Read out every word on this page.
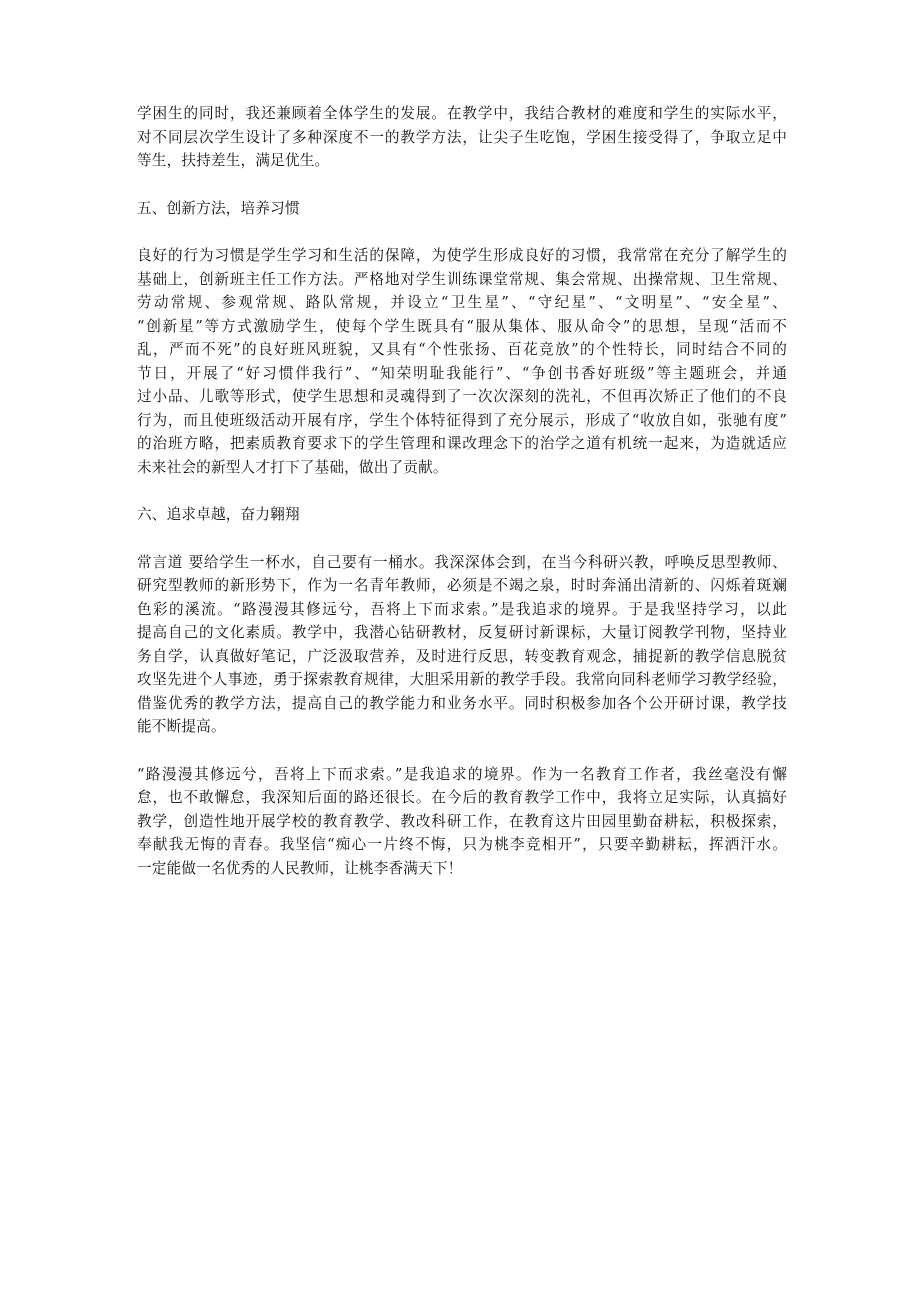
学困生的同时，我还兼顾着全体学生的发展。在教学中，我结合教材的难度和学生的实际水平，
对不同层次学生设计了多种深度不一的教学方法，让尖子生吃饱，学困生接受得了，争取立足中
等生，扶持差生，满足优生。
五、创新方法，培养习惯
良好的行为习惯是学生学习和生活的保障，为使学生形成良好的习惯，我常常在充分了解学生的
基础上，创新班主任工作方法。严格地对学生训练课堂常规、集会常规、出操常规、卫生常规、
劳动常规、参观常规、路队常规，并设立“卫生星”、“守纪星”、“文明星”、“安全星”、
“创新星”等方式激励学生，使每个学生既具有“服从集体、服从命令”的思想，呈现“活而不
乱，严而不死”的良好班风班貌，又具有“个性张扬、百花竞放”的个性特长，同时结合不同的
节日，开展了“好习惯伴我行”、“知荣明耻我能行”、“争创书香好班级”等主题班会，并通
过小品、儿歌等形式，使学生思想和灵魂得到了一次次深刻的洗礼，不但再次矫正了他们的不良
行为，而且使班级活动开展有序，学生个体特征得到了充分展示，形成了“收放自如，张驰有度”
的治班方略，把素质教育要求下的学生管理和课改理念下的治学之道有机统一起来，为造就适应
未来社会的新型人才打下了基础，做出了贡献。
六、追求卓越，奋力翱翔
常言道 要给学生一杯水，自己要有一桶水。我深深体会到，在当今科研兴教，呼唤反思型教师、
研究型教师的新形势下，作为一名青年教师，必须是不竭之泉，时时奔涌出清新的、闪烁着斑斓
色彩的溪流。“路漫漫其修远兮，吾将上下而求索。”是我追求的境界。于是我坚持学习，以此
提高自己的文化素质。教学中，我潜心钻研教材，反复研讨新课标，大量订阅教学刊物，坚持业
务自学，认真做好笔记，广泛汲取营养，及时进行反思，转变教育观念，捕捉新的教学信息脱贫
攻坚先进个人事迹，勇于探索教育规律，大胆采用新的教学手段。我常向同科老师学习教学经验，
借鉴优秀的教学方法，提高自己的教学能力和业务水平。同时积极参加各个公开研讨课，教学技
能不断提高。
“路漫漫其修远兮，吾将上下而求索。”是我追求的境界。作为一名教育工作者，我丝毫没有懈
怠，也不敢懈怠，我深知后面的路还很长。在今后的教育教学工作中，我将立足实际，认真搞好
教学，创造性地开展学校的教育教学、教改科研工作，在教育这片田园里勤奋耕耘，积极探索，
奉献我无悔的青春。我坚信“痴心一片终不悔，只为桃李竞相开”，只要辛勤耕耘，挥洒汗水。
一定能做一名优秀的人民教师，让桃李香满天下！
